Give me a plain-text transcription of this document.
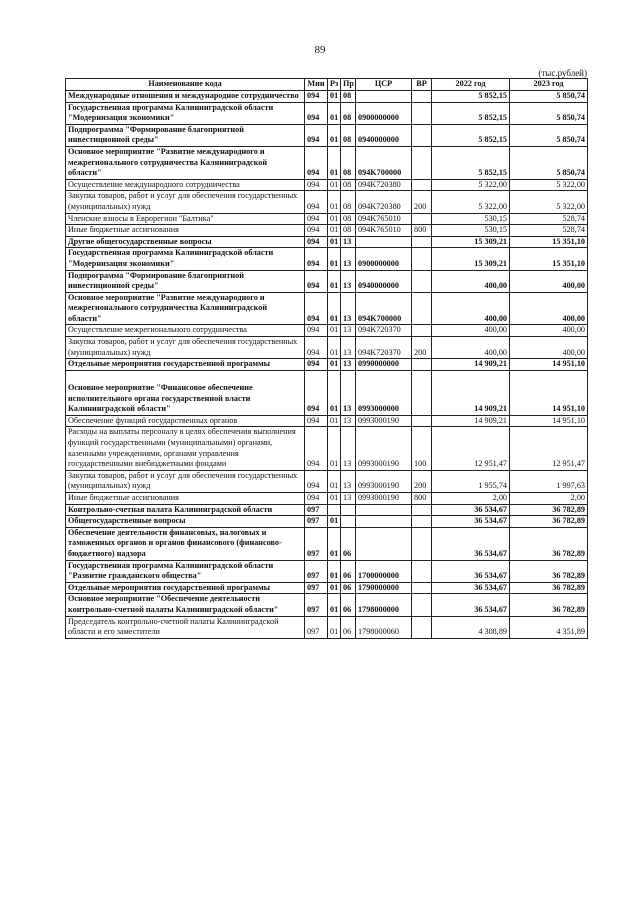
89
(тыс.рублей)
Наименование кода	Мин	Рз	Пр	ЦСР	ВР	2022 год	2023 год
Международные отношения и международное сотрудничество	094	01	08			5 852,15	5 850,74
Государственная программа Калининградской области "Модернизация экономики"	094	01	08	0900000000		5 852,15	5 850,74
Подпрограмма "Формирование благоприятной инвестиционной среды"	094	01	08	0940000000		5 852,15	5 850,74
Основное мероприятие "Развитие международного и межрегионального сотрудничества Калининградской области"	094	01	08	094K700000		5 852,15	5 850,74
Осуществление международного сотрудничества	094	01	08	094K720380		5 322,00	5 322,00
Закупка товаров, работ и услуг для обеспечения государственных (муниципальных) нужд	094	01	08	094K720380	200	5 322,00	5 322,00
Членские взносы в Еврорегион "Балтика"	094	01	08	094K765010		530,15	528,74
Иные бюджетные ассигнования	094	01	08	094K765010	800	530,15	528,74
Другие общегосударственные вопросы	094	01	13			15 309,21	15 351,10
Государственная программа Калининградской области "Модернизация экономики"	094	01	13	0900000000		15 309,21	15 351,10
Подпрограмма "Формирование благоприятной инвестиционной среды"	094	01	13	0940000000		400,00	400,00
Основное мероприятие "Развитие международного и межрегионального сотрудничества Калининградской области"	094	01	13	094K700000		400,00	400,00
Осуществление межрегионального сотрудничества	094	01	13	094K720370		400,00	400,00
Закупка товаров, работ и услуг для обеспечения государственных (муниципальных) нужд	094	01	13	094K720370	200	400,00	400,00
Отдельные мероприятия государственной программы	094	01	13	0990000000		14 909,21	14 951,10
Основное мероприятие "Финансовое обеспечение исполнительного органа государственной власти Калининградской области"	094	01	13	0993000000		14 909,21	14 951,10
Обеспечение функций государственных органов	094	01	13	0993000190		14 909,21	14 951,10
Расходы на выплаты персоналу в целях обеспечения выполнения функций государственными (муниципальными) органами, казенными учреждениями, органами управления государственными внебюджетными фондами	094	01	13	0993000190	100	12 951,47	12 951,47
Закупка товаров, работ и услуг для обеспечения государственных (муниципальных) нужд	094	01	13	0993000190	200	1 955,74	1 997,63
Иные бюджетные ассигнования	094	01	13	0993000190	800	2,00	2,00
Контрольно-счетная палата Калининградской области	097					36 534,67	36 782,89
Общегосударственные вопросы	097	01				36 534,67	36 782,89
Обеспечение деятельности финансовых, налоговых и таможенных органов и органов финансового (финансово-бюджетного) надзора	097	01	06			36 534,67	36 782,89
Государственная программа Калининградской области "Развитие гражданского общества"	097	01	06	1700000000		36 534,67	36 782,89
Отдельные мероприятия государственной программы	097	01	06	1790000000		36 534,67	36 782,89
Основное мероприятие "Обеспечение деятельности контрольно-счетной палаты Калининградской области"	097	01	06	1798000000		36 534,67	36 782,89
Председатель контрольно-счетной палаты Калининградской области и его заместители	097	01	06	1798000060		4 308,89	4 351,89
